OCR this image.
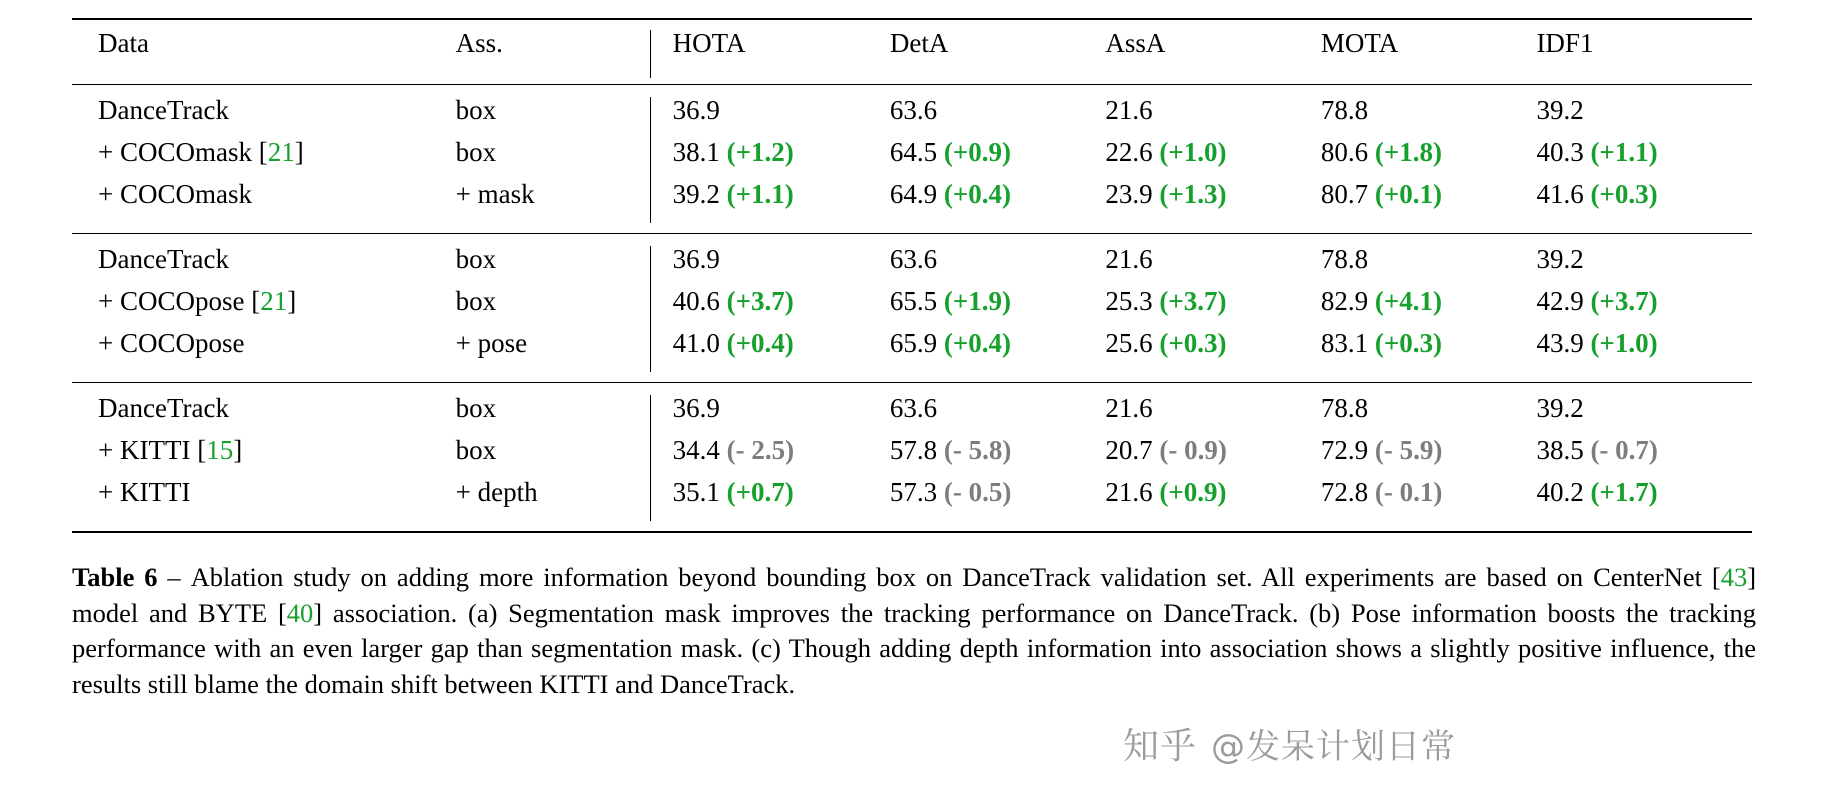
Data	Ass.	HOTA	DetA	AssA	MOTA	IDF1

DanceTrack	box	36.9	63.6	21.6	78.8	39.2
+ COCOmask [21]	box	38.1 (+1.2)	64.5 (+0.9)	22.6 (+1.0)	80.6 (+1.8)	40.3 (+1.1)
+ COCOmask	+ mask	39.2 (+1.1)	64.9 (+0.4)	23.9 (+1.3)	80.7 (+0.1)	41.6 (+0.3)

DanceTrack	box	36.9	63.6	21.6	78.8	39.2
+ COCOpose [21]	box	40.6 (+3.7)	65.5 (+1.9)	25.3 (+3.7)	82.9 (+4.1)	42.9 (+3.7)
+ COCOpose	+ pose	41.0 (+0.4)	65.9 (+0.4)	25.6 (+0.3)	83.1 (+0.3)	43.9 (+1.0)

DanceTrack	box	36.9	63.6	21.6	78.8	39.2
+ KITTI [15]	box	34.4 (- 2.5)	57.8 (- 5.8)	20.7 (- 0.9)	72.9 (- 5.9)	38.5 (- 0.7)
+ KITTI	+ depth	35.1 (+0.7)	57.3 (- 0.5)	21.6 (+0.9)	72.8 (- 0.1)	40.2 (+1.7)

Table 6 – Ablation study on adding more information beyond bounding box on DanceTrack validation set. All experiments are based on CenterNet [43] model and BYTE [40] association. (a) Segmentation mask improves the tracking performance on DanceTrack. (b) Pose information boosts the tracking performance with an even larger gap than segmentation mask. (c) Though adding depth information into association shows a slightly positive influence, the results still blame the domain shift between KITTI and DanceTrack.
知乎 @发呆计划日常
